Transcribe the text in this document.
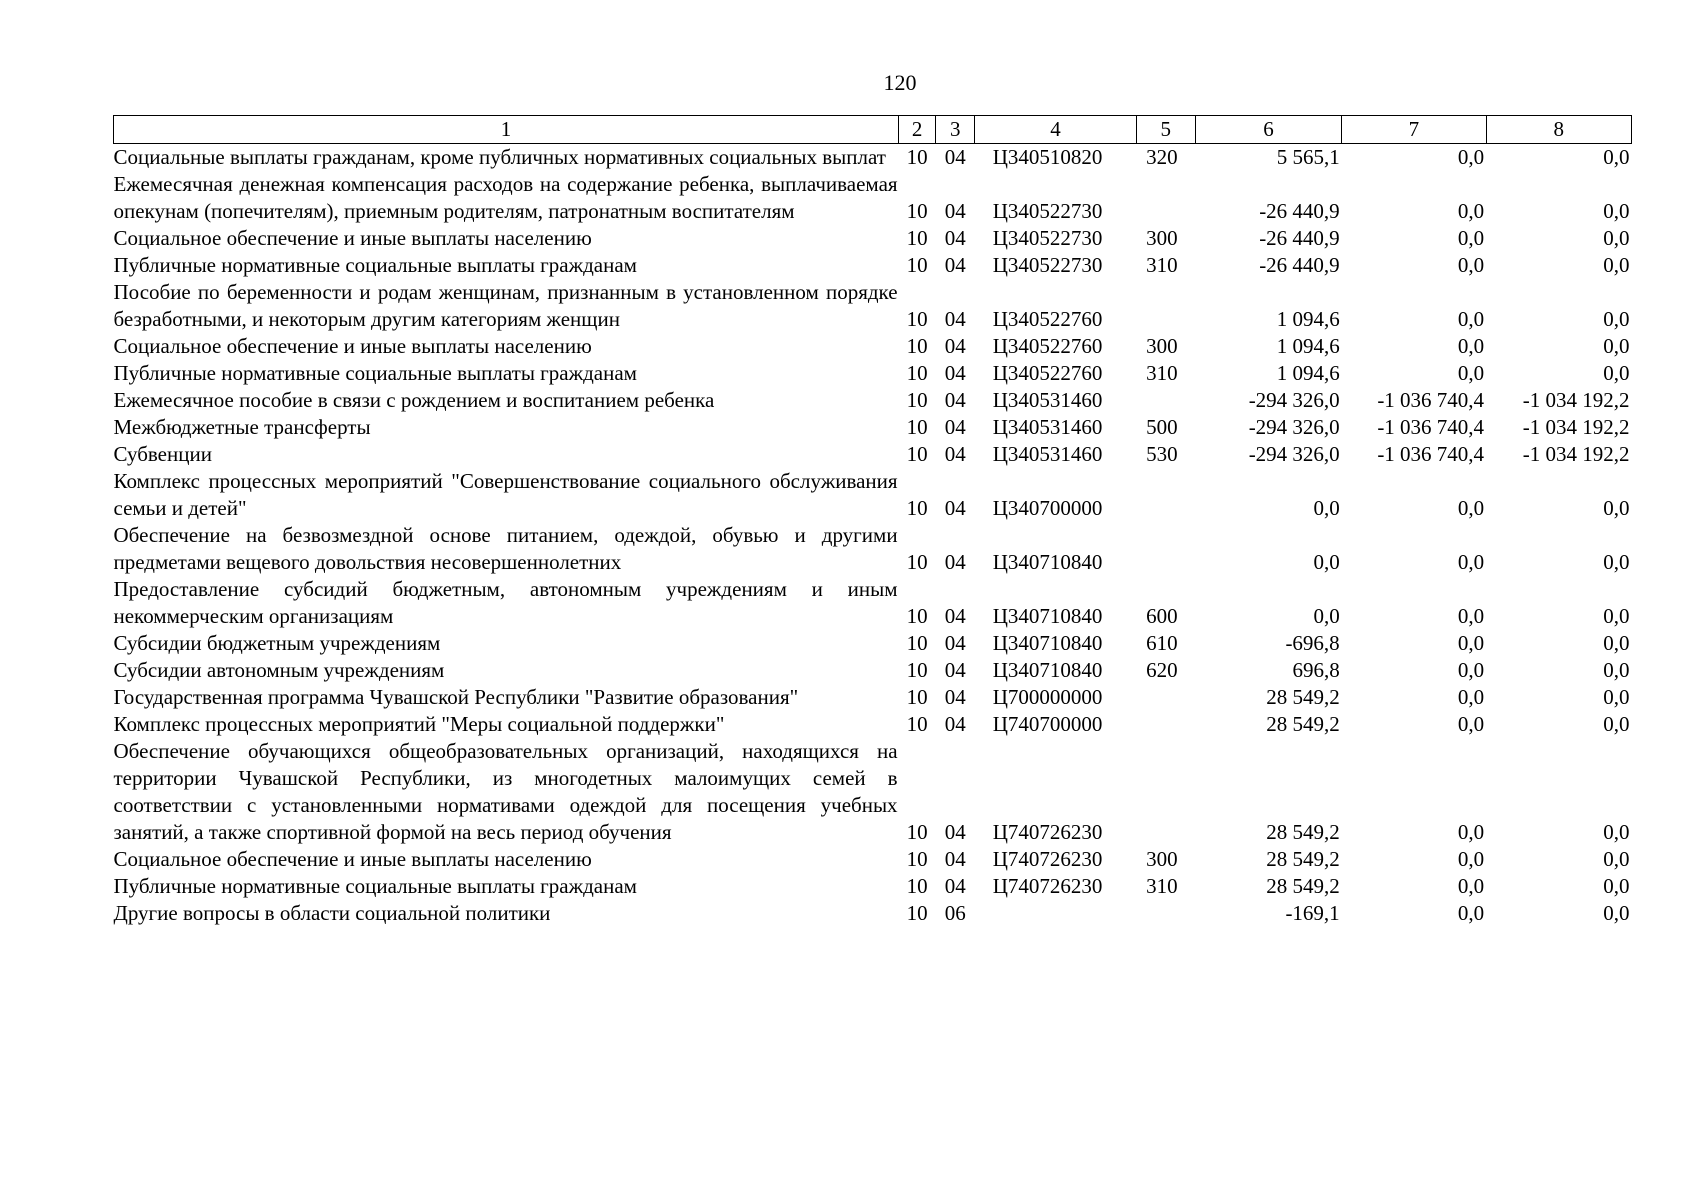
120
1	2	3	4	5	6	7	8
Социальные выплаты гражданам, кроме публичных нормативных социальных выплат	10	04	Ц340510820	320	5 565,1	0,0	0,0
Ежемесячная денежная компенсация расходов на содержание ребенка, выплачиваемая опекунам (попечителям), приемным родителям, патронатным воспитателям	10	04	Ц340522730		-26 440,9	0,0	0,0
Социальное обеспечение и иные выплаты населению	10	04	Ц340522730	300	-26 440,9	0,0	0,0
Публичные нормативные социальные выплаты гражданам	10	04	Ц340522730	310	-26 440,9	0,0	0,0
Пособие по беременности и родам женщинам, признанным в установленном порядке безработными, и некоторым другим категориям женщин	10	04	Ц340522760		1 094,6	0,0	0,0
Социальное обеспечение и иные выплаты населению	10	04	Ц340522760	300	1 094,6	0,0	0,0
Публичные нормативные социальные выплаты гражданам	10	04	Ц340522760	310	1 094,6	0,0	0,0
Ежемесячное пособие в связи с рождением и воспитанием ребенка	10	04	Ц340531460		-294 326,0	-1 036 740,4	-1 034 192,2
Межбюджетные трансферты	10	04	Ц340531460	500	-294 326,0	-1 036 740,4	-1 034 192,2
Субвенции	10	04	Ц340531460	530	-294 326,0	-1 036 740,4	-1 034 192,2
Комплекс процессных мероприятий "Совершенствование социального обслуживания семьи и детей"	10	04	Ц340700000		0,0	0,0	0,0
Обеспечение на безвозмездной основе питанием, одеждой, обувью и другими предметами вещевого довольствия несовершеннолетних	10	04	Ц340710840		0,0	0,0	0,0
Предоставление субсидий бюджетным, автономным учреждениям и иным некоммерческим организациям	10	04	Ц340710840	600	0,0	0,0	0,0
Субсидии бюджетным учреждениям	10	04	Ц340710840	610	-696,8	0,0	0,0
Субсидии автономным учреждениям	10	04	Ц340710840	620	696,8	0,0	0,0
Государственная программа Чувашской Республики "Развитие образования"	10	04	Ц700000000		28 549,2	0,0	0,0
Комплекс процессных мероприятий "Меры социальной поддержки"	10	04	Ц740700000		28 549,2	0,0	0,0
Обеспечение обучающихся общеобразовательных организаций, находящихся на территории Чувашской Республики, из многодетных малоимущих семей в соответствии с установленными нормативами одеждой для посещения учебных занятий, а также спортивной формой на весь период обучения	10	04	Ц740726230		28 549,2	0,0	0,0
Социальное обеспечение и иные выплаты населению	10	04	Ц740726230	300	28 549,2	0,0	0,0
Публичные нормативные социальные выплаты гражданам	10	04	Ц740726230	310	28 549,2	0,0	0,0
Другие вопросы в области социальной политики	10	06			-169,1	0,0	0,0
